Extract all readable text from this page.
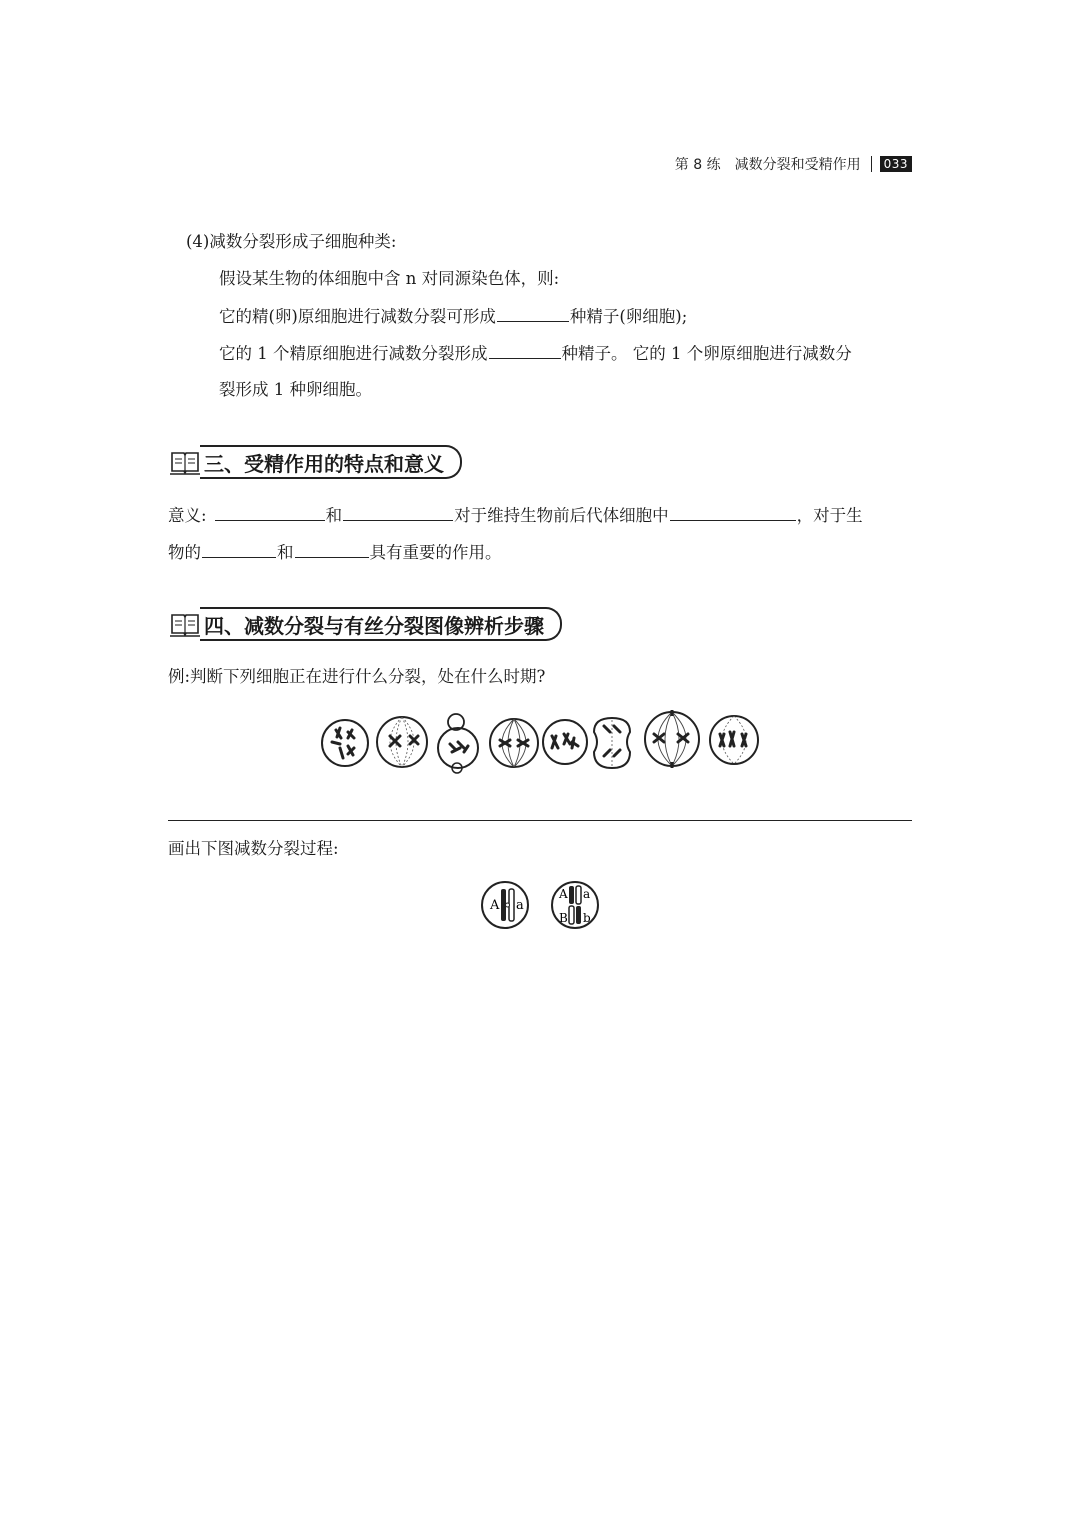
第 8 练　减数分裂和受精作用	033
(4)减数分裂形成子细胞种类:
假设某生物的体细胞中含 n 对同源染色体，则:
它的精(卵)原细胞进行减数分裂可形成	种精子(卵细胞);
它的 1 个精原细胞进行减数分裂形成	种精子。 它的 1 个卵原细胞进行减数分
裂形成 1 种卵细胞。
三、受精作用的特点和意义
意义:	和	对于维持生物前后代体细胞中	，对于生
物的	和	具有重要的作用。
四、减数分裂与有丝分裂图像辨析步骤
例:判断下列细胞正在进行什么分裂，处在什么时期?
画出下图减数分裂过程:
A a
A a
B b
